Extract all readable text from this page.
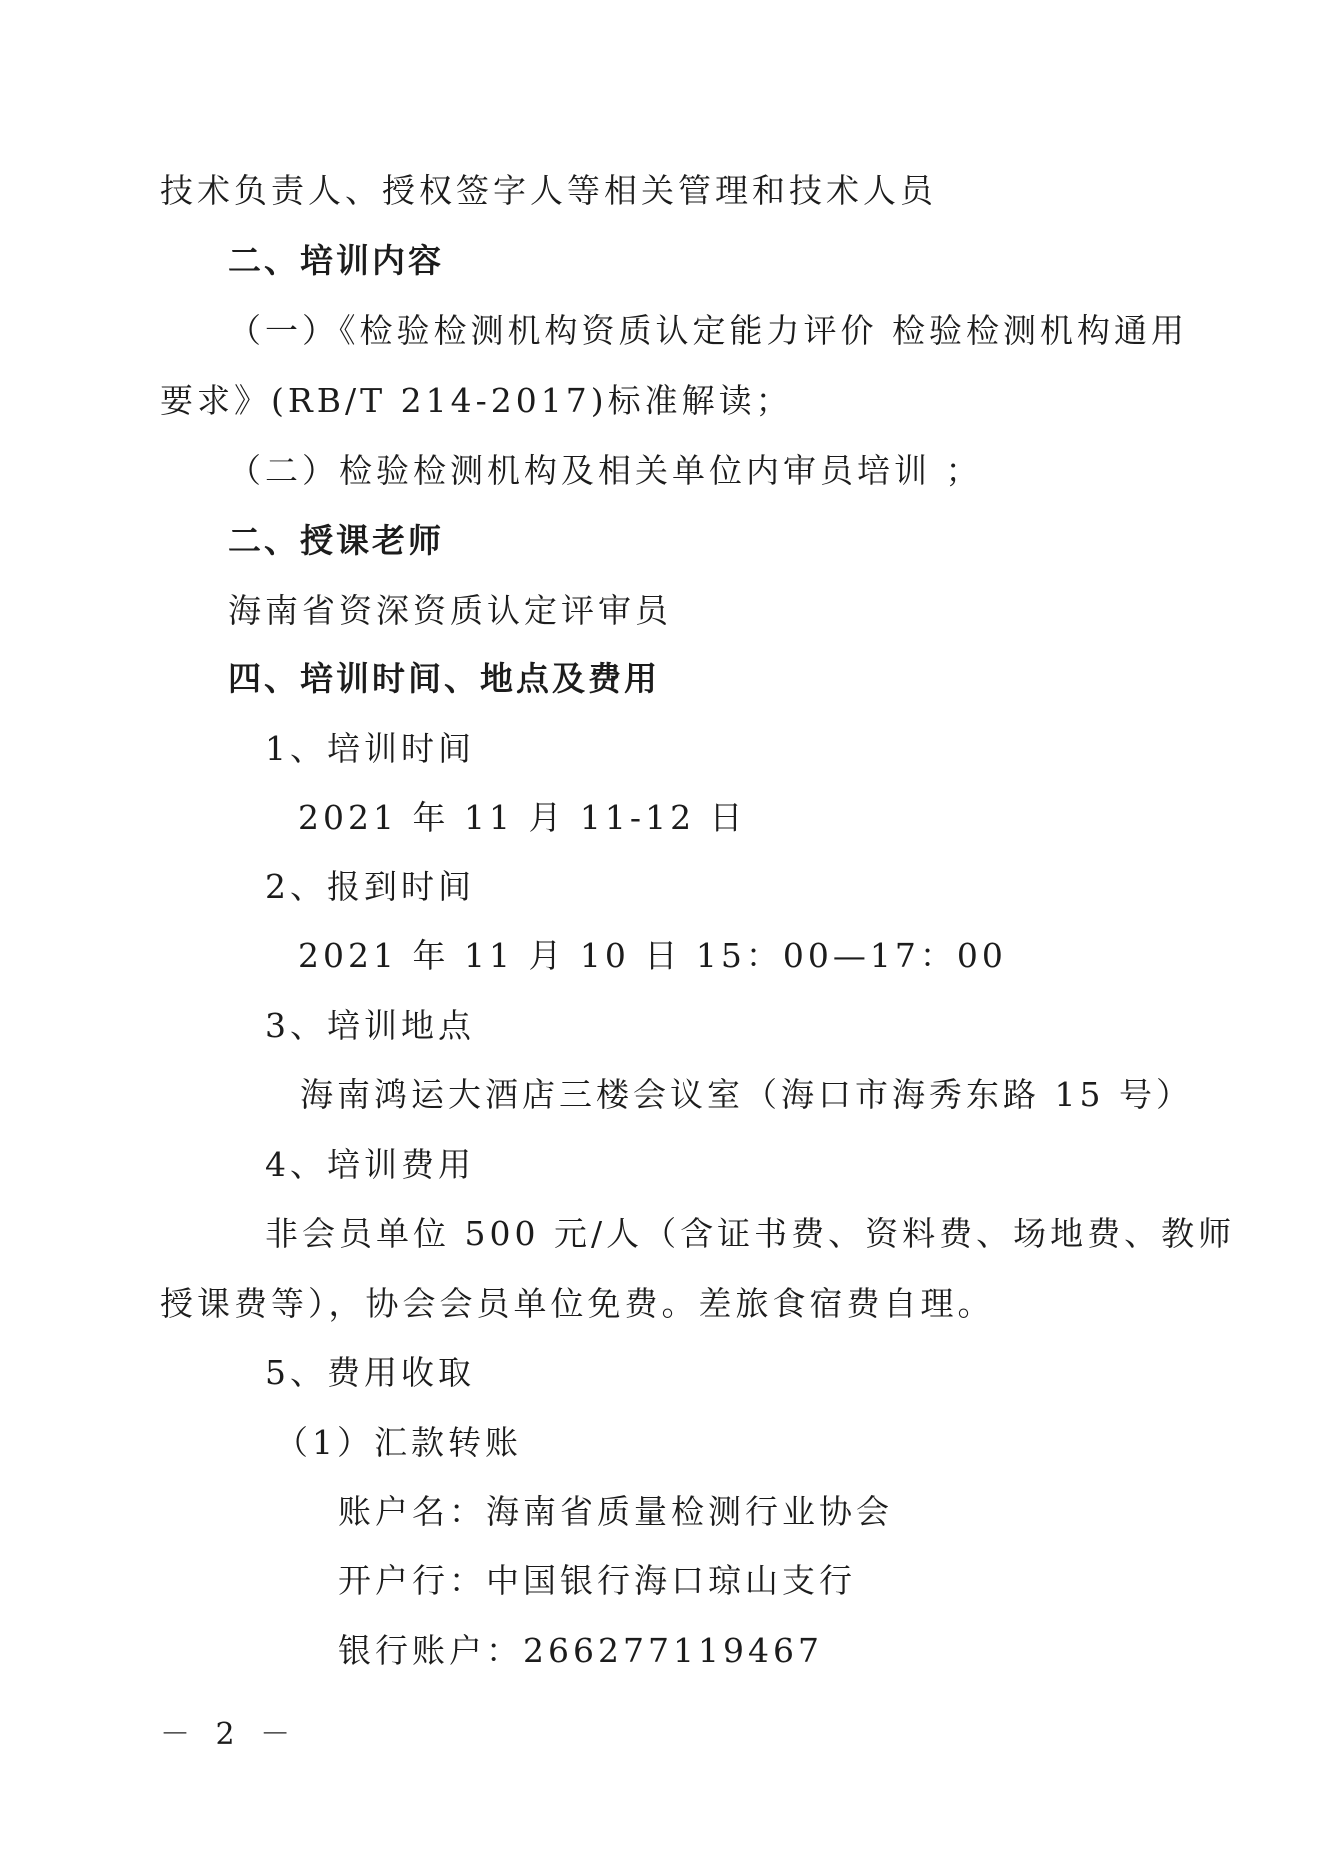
技术负责人、授权签字人等相关管理和技术人员
二、培训内容
（一）《检验检测机构资质认定能力评价 检验检测机构通用
要求》(RB/T 214-2017)标准解读；
（二）检验检测机构及相关单位内审员培训 ；
二、授课老师
海南省资深资质认定评审员
四、培训时间、地点及费用
1、培训时间
2021 年 11 月 11-12 日
2、报到时间
2021 年 11 月 10 日 15：00—17：00
3、培训地点
海南鸿运大酒店三楼会议室（海口市海秀东路 15 号）
4、培训费用
非会员单位 500 元/人（含证书费、资料费、场地费、教师
授课费等），协会会员单位免费。差旅食宿费自理。
5、费用收取
（1）汇款转账
账户名：海南省质量检测行业协会
开户行：中国银行海口琼山支行
银行账户：266277119467
－ 2 －
